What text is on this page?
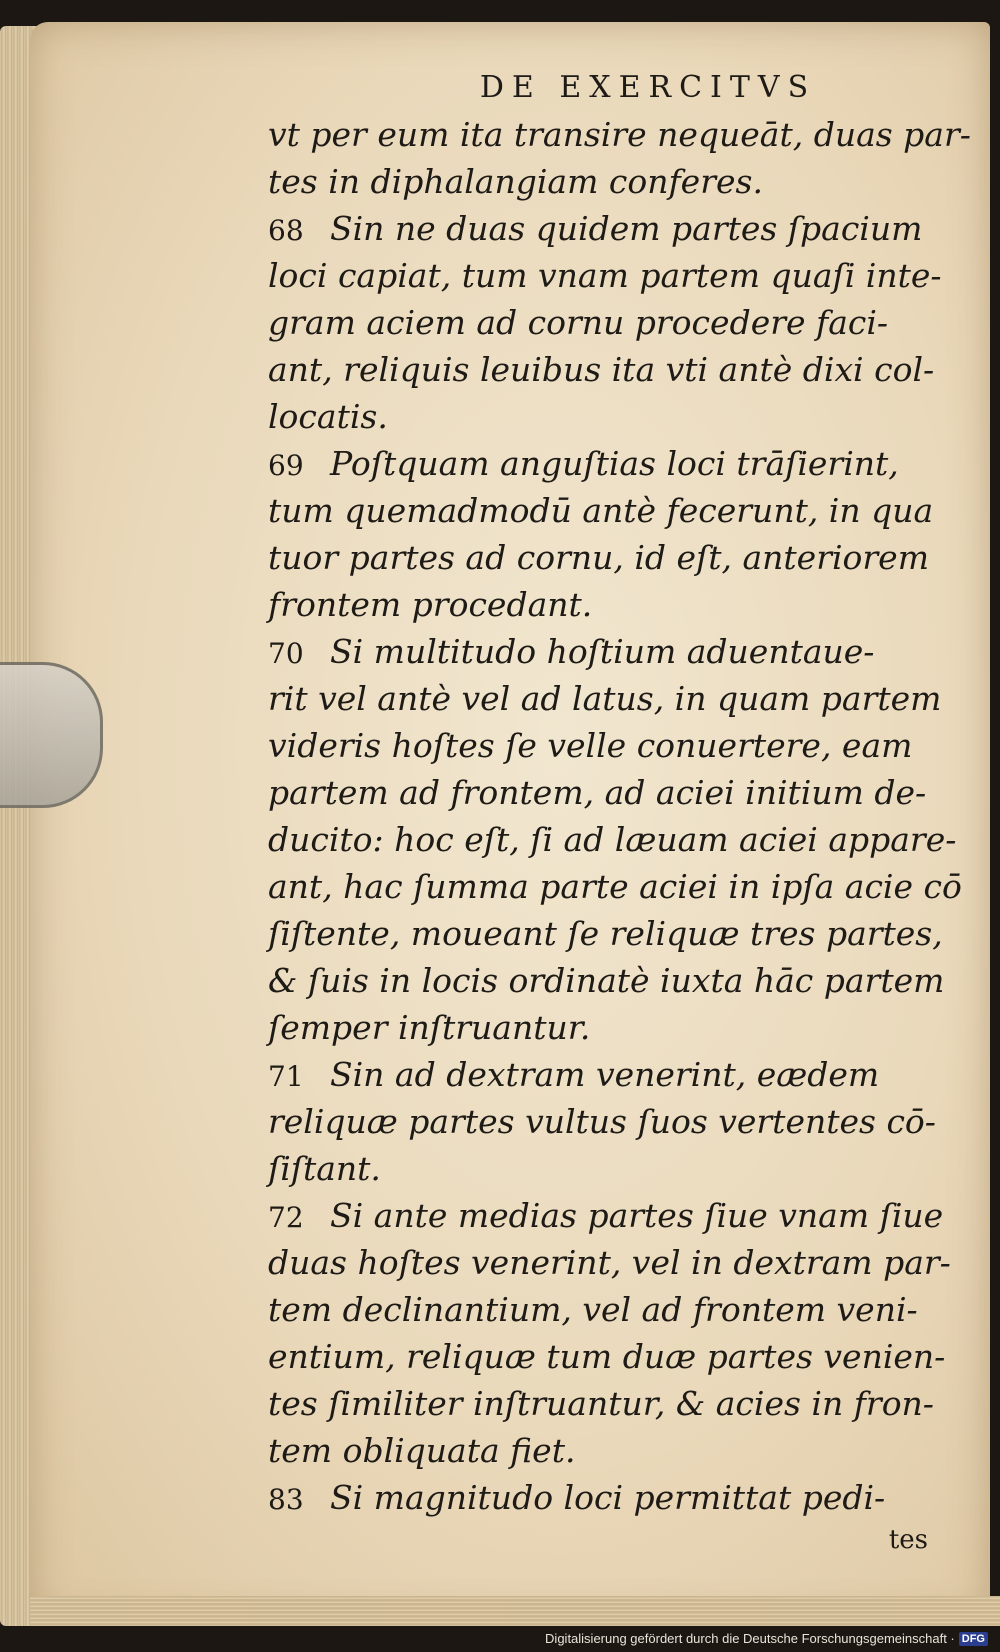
DE EXERCITVS
vt per eum ita transire nequeāt, duas par-
tes in diphalangiam conferes.
68 Sin ne duas quidem partes ſpacium
loci capiat, tum vnam partem quaſi inte-
gram aciem ad cornu procedere faci-
ant, reliquis leuibus ita vti antè dixi col-
locatis.
69 Poſtquam anguſtias loci trāſierint,
tum quemadmodū antè fecerunt, in qua
tuor partes ad cornu, id eſt, anteriorem
frontem procedant.
70 Si multitudo hoſtium aduentaue-
rit vel antè vel ad latus, in quam partem
videris hoſtes ſe velle conuertere, eam
partem ad frontem, ad aciei initium de-
ducito: hoc eſt, ſi ad læuam aciei appare-
ant, hac ſumma parte aciei in ipſa acie cō
ſiſtente, moueant ſe reliquæ tres partes,
& ſuis in locis ordinatè iuxta hāc partem
ſemper inſtruantur.
71 Sin ad dextram venerint, eædem
reliquæ partes vultus ſuos vertentes cō-
ſiſtant.
72 Si ante medias partes ſiue vnam ſiue
duas hoſtes venerint, vel in dextram par-
tem declinantium, vel ad frontem veni-
entium, reliquæ tum duæ partes venien-
tes ſimiliter inſtruantur, & acies in fron-
tem obliquata fiet.
83 Si magnitudo loci permittat pedi-
tes
Digitalisierung gefördert durch die Deutsche Forschungsgemeinschaft · DFG
